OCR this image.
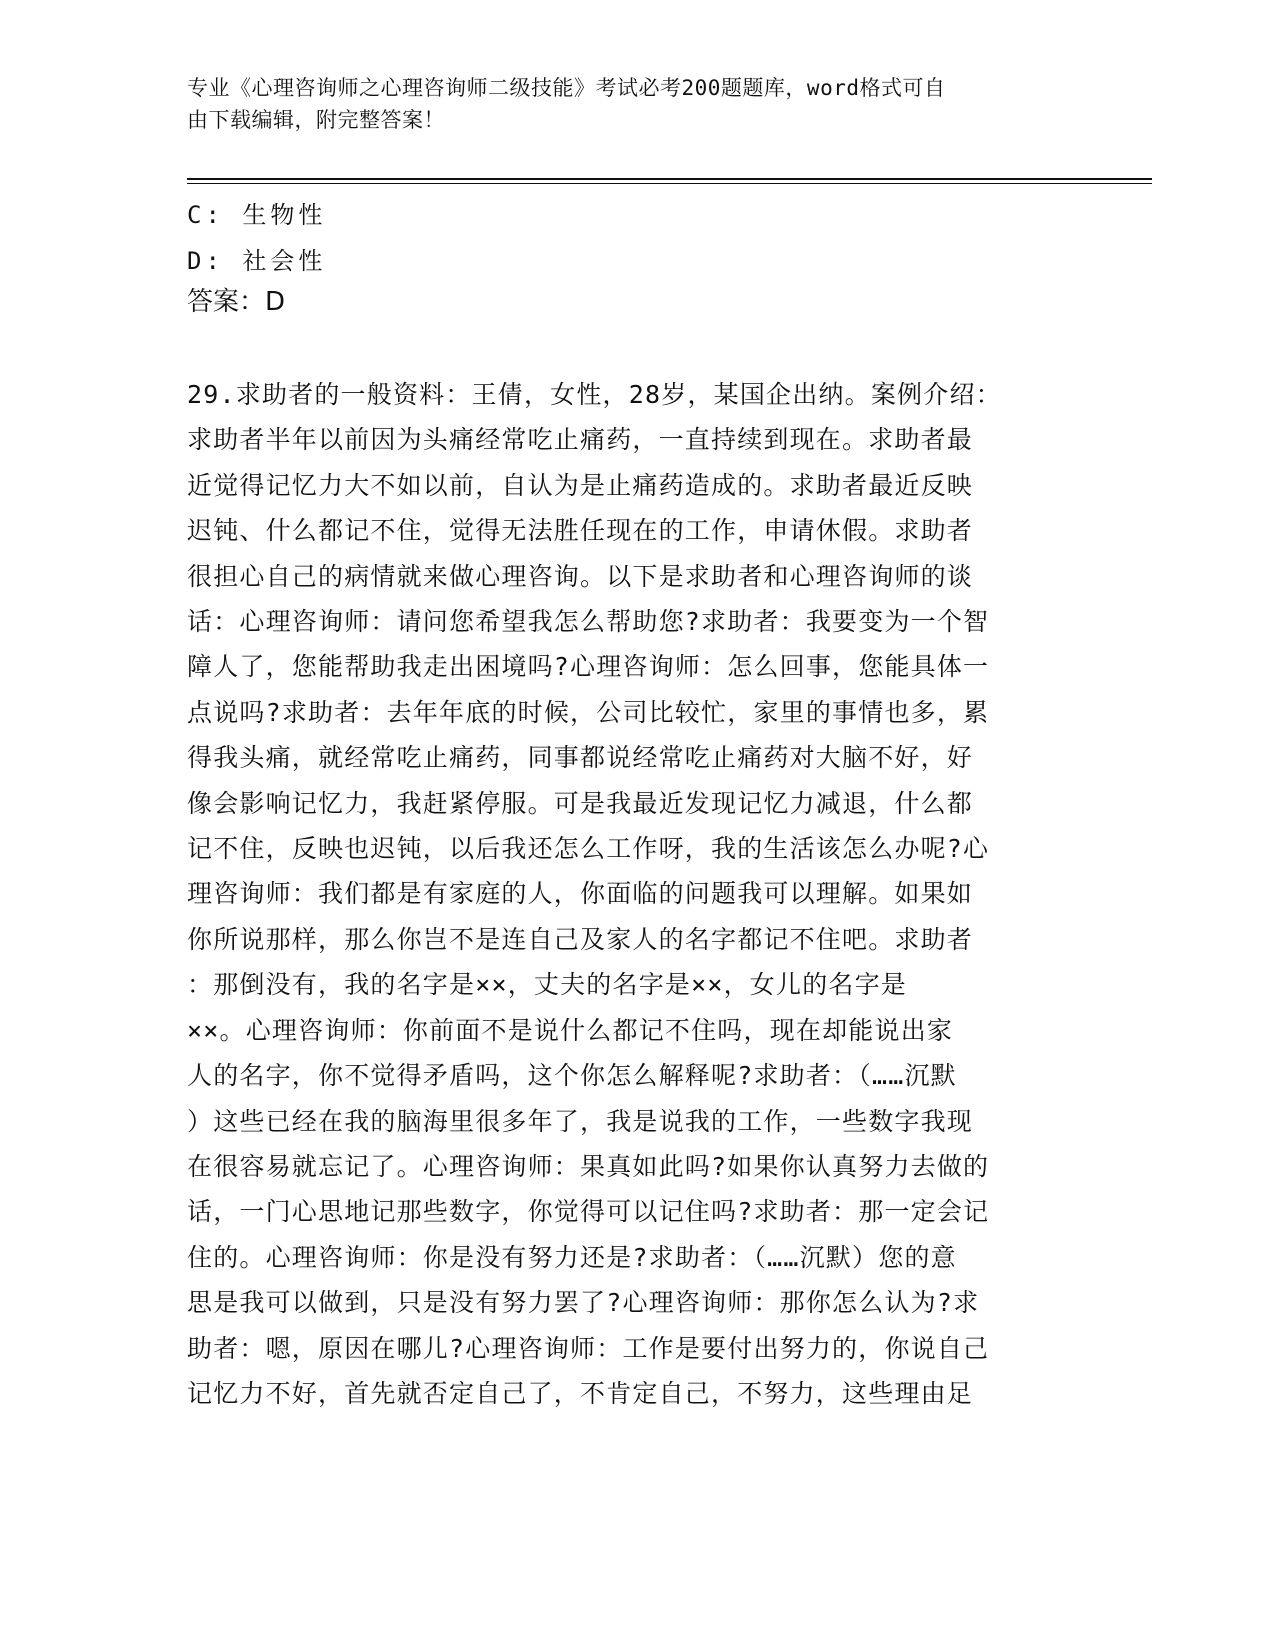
专业《心理咨询师之心理咨询师二级技能》考试必考200题题库，word格式可自
由下载编辑，附完整答案！
C: 生物性
D: 社会性
答案：D
29.求助者的一般资料：王倩，女性，28岁，某国企出纳。案例介绍：
求助者半年以前因为头痛经常吃止痛药，一直持续到现在。求助者最
近觉得记忆力大不如以前，自认为是止痛药造成的。求助者最近反映
迟钝、什么都记不住，觉得无法胜任现在的工作，申请休假。求助者
很担心自己的病情就来做心理咨询。以下是求助者和心理咨询师的谈
话：心理咨询师：请问您希望我怎么帮助您?求助者：我要变为一个智
障人了，您能帮助我走出困境吗?心理咨询师：怎么回事，您能具体一
点说吗?求助者：去年年底的时候，公司比较忙，家里的事情也多，累
得我头痛，就经常吃止痛药，同事都说经常吃止痛药对大脑不好，好
像会影响记忆力，我赶紧停服。可是我最近发现记忆力减退，什么都
记不住，反映也迟钝，以后我还怎么工作呀，我的生活该怎么办呢?心
理咨询师：我们都是有家庭的人，你面临的问题我可以理解。如果如
你所说那样，那么你岂不是连自己及家人的名字都记不住吧。求助者
：那倒没有，我的名字是××，丈夫的名字是××，女儿的名字是
××。心理咨询师：你前面不是说什么都记不住吗，现在却能说出家
人的名字，你不觉得矛盾吗，这个你怎么解释呢?求助者：（……沉默
）这些已经在我的脑海里很多年了，我是说我的工作，一些数字我现
在很容易就忘记了。心理咨询师：果真如此吗?如果你认真努力去做的
话，一门心思地记那些数字，你觉得可以记住吗?求助者：那一定会记
住的。心理咨询师：你是没有努力还是?求助者：（……沉默）您的意
思是我可以做到，只是没有努力罢了?心理咨询师：那你怎么认为?求
助者：嗯，原因在哪儿?心理咨询师：工作是要付出努力的，你说自己
记忆力不好，首先就否定自己了，不肯定自己，不努力，这些理由足
